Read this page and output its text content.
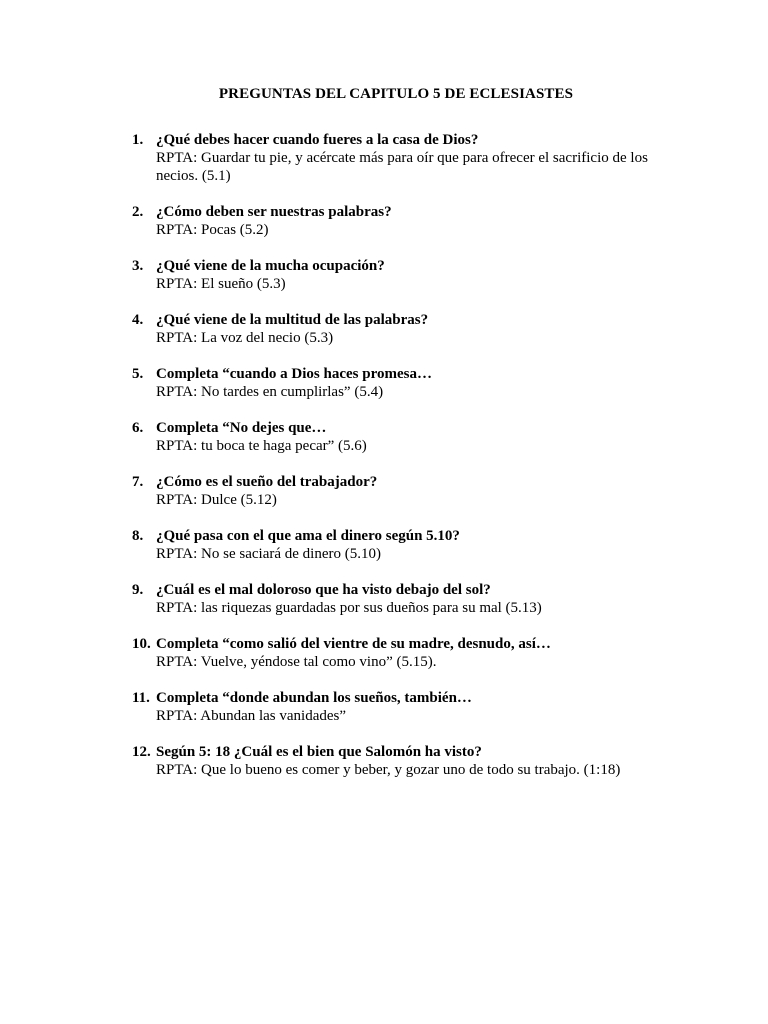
PREGUNTAS DEL CAPITULO 5 DE ECLESIASTES
1. ¿Qué debes hacer cuando fueres a la casa de Dios?
RPTA: Guardar tu pie, y acércate más para oír que para ofrecer el sacrificio de los necios. (5.1)
2. ¿Cómo deben ser nuestras palabras?
RPTA: Pocas (5.2)
3. ¿Qué viene de la mucha ocupación?
RPTA: El sueño (5.3)
4. ¿Qué viene de la multitud de las palabras?
RPTA: La voz del necio (5.3)
5. Completa “cuando a Dios haces promesa…
RPTA: No tardes en cumplirlas” (5.4)
6. Completa “No dejes que…
RPTA: tu boca te haga pecar” (5.6)
7. ¿Cómo es el sueño del trabajador?
RPTA: Dulce (5.12)
8. ¿Qué pasa con el que ama el dinero según 5.10?
RPTA: No se saciará de dinero (5.10)
9. ¿Cuál es el mal doloroso que ha visto debajo del sol?
RPTA: las riquezas guardadas por sus dueños para su mal (5.13)
10. Completa “como salió del vientre de su madre, desnudo, así…
RPTA: Vuelve, yéndose tal como vino” (5.15).
11. Completa “donde abundan los sueños, también…
RPTA: Abundan las vanidades”
12. Según 5: 18 ¿Cuál es el bien que Salomón ha visto?
RPTA: Que lo bueno es comer y beber, y gozar uno de todo su trabajo. (1:18)
